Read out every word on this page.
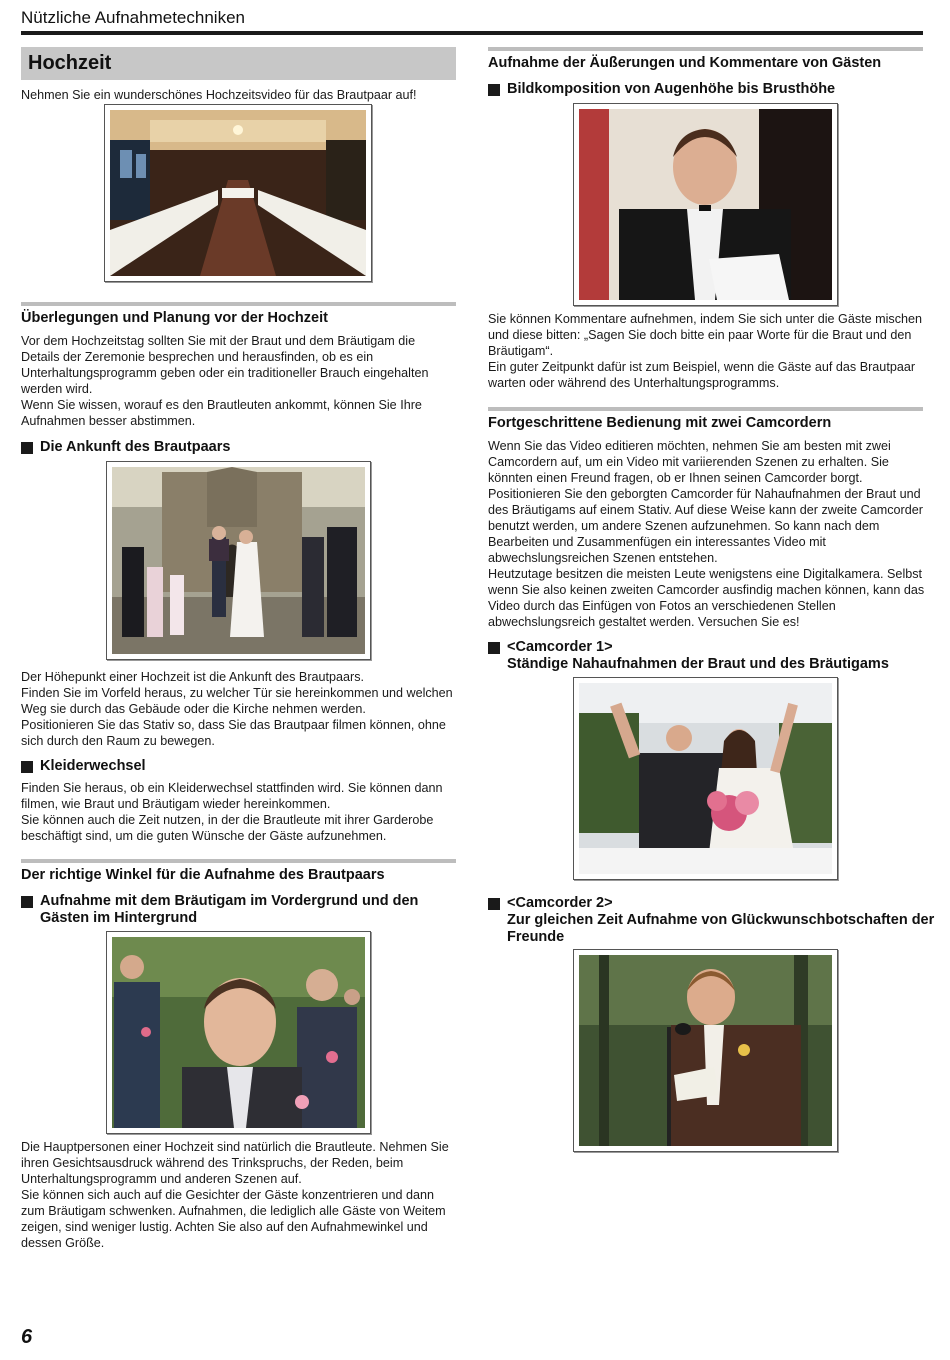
Nützliche Aufnahmetechniken
Hochzeit

Nehmen Sie ein wunderschönes Hochzeitsvideo für das Brautpaar auf!

Überlegungen und Planung vor der Hochzeit

Vor dem Hochzeitstag sollten Sie mit der Braut und dem Bräutigam die Details der Zeremonie besprechen und herausfinden, ob es ein Unterhaltungsprogramm geben oder ein traditioneller Brauch eingehalten werden wird.

Wenn Sie wissen, worauf es den Brautleuten ankommt, können Sie Ihre Aufnahmen besser abstimmen.

Die Ankunft des Brautpaars

Der Höhepunkt einer Hochzeit ist die Ankunft des Brautpaars.

Finden Sie im Vorfeld heraus, zu welcher Tür sie hereinkommen und welchen Weg sie durch das Gebäude oder die Kirche nehmen werden.

Positionieren Sie das Stativ so, dass Sie das Brautpaar filmen können, ohne sich durch den Raum zu bewegen.

Kleiderwechsel

Finden Sie heraus, ob ein Kleiderwechsel stattfinden wird. Sie können dann filmen, wie Braut und Bräutigam wieder hereinkommen.

Sie können auch die Zeit nutzen, in der die Brautleute mit ihrer Garderobe beschäftigt sind, um die guten Wünsche der Gäste aufzunehmen.

Der richtige Winkel für die Aufnahme des Brautpaars
Aufnahme mit dem Bräutigam im Vordergrund und den Gästen im Hintergrund

Die Hauptpersonen einer Hochzeit sind natürlich die Brautleute. Nehmen Sie ihren Gesichtsausdruck während des Trinkspruchs, der Reden, beim Unterhaltungsprogramm und anderen Szenen auf.

Sie können sich auch auf die Gesichter der Gäste konzentrieren und dann zum Bräutigam schwenken. Aufnahmen, die lediglich alle Gäste von Weitem zeigen, sind weniger lustig. Achten Sie also auf den Aufnahmewinkel und dessen Größe.

Aufnahme der Äußerungen und Kommentare von Gästen
Bildkomposition von Augenhöhe bis Brusthöhe

Sie können Kommentare aufnehmen, indem Sie sich unter die Gäste mischen und diese bitten: „Sagen Sie doch bitte ein paar Worte für die Braut und den Bräutigam“.

Ein guter Zeitpunkt dafür ist zum Beispiel, wenn die Gäste auf das Brautpaar warten oder während des Unterhaltungsprogramms.

Fortgeschrittene Bedienung mit zwei Camcordern

Wenn Sie das Video editieren möchten, nehmen Sie am besten mit zwei Camcordern auf, um ein Video mit variierenden Szenen zu erhalten. Sie könnten einen Freund fragen, ob er Ihnen seinen Camcorder borgt. Positionieren Sie den geborgten Camcorder für Nahaufnahmen der Braut und des Bräutigams auf einem Stativ. Auf diese Weise kann der zweite Camcorder benutzt werden, um andere Szenen aufzunehmen. So kann nach dem Bearbeiten und Zusammenfügen ein interessantes Video mit abwechslungsreichen Szenen entstehen.

Heutzutage besitzen die meisten Leute wenigstens eine Digitalkamera. Selbst wenn Sie also keinen zweiten Camcorder ausfindig machen können, kann das Video durch das Einfügen von Fotos an verschiedenen Stellen abwechslungsreich gestaltet werden. Versuchen Sie es!

<Camcorder 1>
Ständige Nahaufnahmen der Braut und des Bräutigams
<Camcorder 2>
Zur gleichen Zeit Aufnahme von Glückwunschbotschaften der Freunde
6
